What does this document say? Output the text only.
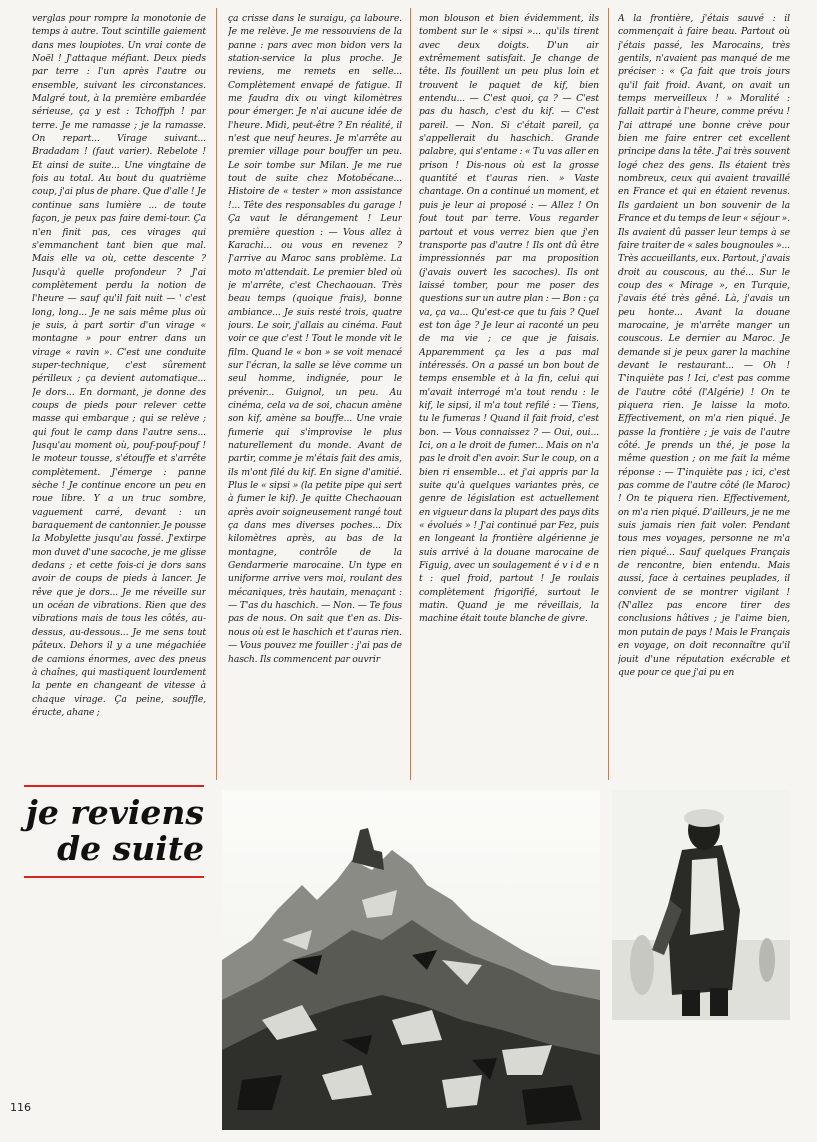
verglas pour rompre la monotonie de temps à autre. Tout scintille gaiement dans mes loupiotes. Un vrai conte de Noël ! J'attaque méfiant. Deux pieds par terre : l'un après l'autre ou ensemble, suivant les circonstances. Malgré tout, à la première embardée sérieuse, ça y est : Tchoffph ! par terre. Je me ramasse ; je la ramasse. On repart... Virage suivant... Bradadam ! (faut varier). Rebelote ! Et ainsi de suite... Une vingtaine de fois au total. Au bout du quatrième coup, j'ai plus de phare. Que d'alle ! Je continue sans lumière ... de toute façon, je peux pas faire demi-tour. Ça n'en finit pas, ces virages qui s'emmanchent tant bien que mal. Mais elle va où, cette descente ? Jusqu'à quelle profondeur ? J'ai complètement perdu la notion de l'heure — sauf qu'il fait nuit — ' c'est long, long... Je ne sais même plus où je suis, à part sortir d'un virage « montagne » pour entrer dans un virage « ravin ». C'est une conduite super-technique, c'est sûrement périlleux ; ça devient automatique... Je dors... En dormant, je donne des coups de pieds pour relever cette masse qui embarque ; qui se relève ; qui fout le camp dans l'autre sens... Jusqu'au moment où, pouf-pouf-pouf ! le moteur tousse, s'étouffe et s'arrête complètement. J'émerge : panne sèche ! Je continue encore un peu en roue libre. Y a un truc sombre, vaguement carré, devant : un baraquement de cantonnier. Je pousse la Mobylette jusqu'au fossé. J'extirpe mon duvet d'une sacoche, je me glisse dedans ; et cette fois-ci je dors sans avoir de coups de pieds à lancer. Je rêve que je dors... Je me réveille sur un océan de vibrations. Rien que des vibrations mais de tous les côtés, au-dessus, au-dessous... Je me sens tout pâteux. Dehors il y a une mégachiée de camions énormes, avec des pneus à chaînes, qui mastiquent lourdement la pente en changeant de vitesse à chaque virage. Ça peine, souffle, éructe, ahane ;
ça crisse dans le suraigu, ça laboure. Je me relève. Je me ressouviens de la panne : pars avec mon bidon vers la station-service la plus proche. Je reviens, me remets en selle... Complètement envapé de fatigue. Il me faudra dix ou vingt kilomètres pour émerger. Je n'ai aucune idée de l'heure. Midi, peut-être ? En réalité, il n'est que neuf heures. Je m'arrête au premier village pour bouffer un peu. Le soir tombe sur Milan. Je me rue tout de suite chez Motobécane... Histoire de « tester » mon assistance !... Tête des responsables du garage ! Ça vaut le dérangement ! Leur première question : — Vous allez à Karachi... ou vous en revenez ? J'arrive au Maroc sans problème. La moto m'attendait. Le premier bled où je m'arrête, c'est Chechaouan. Très beau temps (quoique frais), bonne ambiance... Je suis resté trois, quatre jours. Le soir, j'allais au cinéma. Faut voir ce que c'est ! Tout le monde vit le film. Quand le « bon » se voit menacé sur l'écran, la salle se lève comme un seul homme, indignée, pour le prévenir... Guignol, un peu. Au cinéma, cela va de soi, chacun amène son kif, amène sa bouffe... Une vraie fumerie qui s'improvise le plus naturellement du monde. Avant de partir, comme je m'étais fait des amis, ils m'ont filé du kif. En signe d'amitié. Plus le « sipsi » (la petite pipe qui sert à fumer le kif). Je quitte Chechaouan après avoir soigneusement rangé tout ça dans mes diverses poches... Dix kilomètres après, au bas de la montagne, contrôle de la Gendarmerie marocaine. Un type en uniforme arrive vers moi, roulant des mécaniques, très hautain, menaçant : — T'as du haschich. — Non. — Te fous pas de nous. On sait que t'en as. Dis-nous où est le haschich et t'auras rien. — Vous pouvez me fouiller : j'ai pas de hasch. Ils commencent par ouvrir
mon blouson et bien évidemment, ils tombent sur le « sipsi »... qu'ils tirent avec deux doigts. D'un air extrêmement satisfait. Je change de tête. Ils fouillent un peu plus loin et trouvent le paquet de kif, bien entendu... — C'est quoi, ça ? — C'est pas du hasch, c'est du kif. — C'est pareil. — Non. Si c'était pareil, ça s'appellerait du haschich. Grande palabre, qui s'entame : « Tu vas aller en prison ! Dis-nous où est la grosse quantité et t'auras rien. » Vaste chantage. On a continué un moment, et puis je leur ai proposé : — Allez ! On fout tout par terre. Vous regarder partout et vous verrez bien que j'en transporte pas d'autre ! Ils ont dû être impressionnés par ma proposition (j'avais ouvert les sacoches). Ils ont laissé tomber, pour me poser des questions sur un autre plan : — Bon : ça va, ça va... Qu'est-ce que tu fais ? Quel est ton âge ? Je leur ai raconté un peu de ma vie ; ce que je faisais. Apparemment ça les a pas mal intéressés. On a passé un bon bout de temps ensemble et à la fin, celui qui m'avait interrogé m'a tout rendu : le kif, le sipsi, il m'a tout refilé : — Tiens, tu le fumeras ! Quand il fait froid, c'est bon. — Vous connaissez ? — Oui, oui... Ici, on a le droit de fumer... Mais on n'a pas le droit d'en avoir. Sur le coup, on a bien ri ensemble... et j'ai appris par la suite qu'à quelques variantes près, ce genre de législation est actuellement en vigueur dans la plupart des pays dits « évolués » ! J'ai continué par Fez, puis en longeant la frontière algérienne je suis arrivé à la douane marocaine de Figuig, avec un soulagement é v i d e n t : quel froid, partout ! Je roulais complètement frigorifié, surtout le matin. Quand je me réveillais, la machine était toute blanche de givre.
A la frontière, j'étais sauvé : il commençait à faire beau. Partout où j'étais passé, les Marocains, très gentils, n'avaient pas manqué de me préciser : « Ça fait que trois jours qu'il fait froid. Avant, on avait un temps merveilleux ! » Moralité : fallait partir à l'heure, comme prévu ! J'ai attrapé une bonne crève pour bien me faire entrer cet excellent principe dans la tête. J'ai très souvent logé chez des gens. Ils étaient très nombreux, ceux qui avaient travaillé en France et qui en étaient revenus. Ils gardaient un bon souvenir de la France et du temps de leur « séjour ». Ils avaient dû passer leur temps à se faire traiter de « sales bougnoules »... Très accueillants, eux. Partout, j'avais droit au couscous, au thé... Sur le coup des « Mirage », en Turquie, j'avais été très gêné. Là, j'avais un peu honte... Avant la douane marocaine, je m'arrête manger un couscous. Le dernier au Maroc. Je demande si je peux garer la machine devant le restaurant... — Oh ! T'inquiète pas ! Ici, c'est pas comme de l'autre côté (l'Algérie) ! On te piquera rien. Je laisse la moto. Effectivement, on m'a rien piqué. Je passe la frontière ; je vais de l'autre côté. Je prends un thé, je pose la même question ; on me fait la même réponse : — T'inquiète pas ; ici, c'est pas comme de l'autre côté (le Maroc) ! On te piquera rien. Effectivement, on m'a rien piqué. D'ailleurs, je ne me suis jamais rien fait voler. Pendant tous mes voyages, personne ne m'a rien piqué... Sauf quelques Français de rencontre, bien entendu. Mais aussi, face à certaines peuplades, il convient de se montrer vigilant ! (N'allez pas encore tirer des conclusions hâtives ; je l'aime bien, mon putain de pays ! Mais le Français en voyage, on doit reconnaître qu'il jouit d'une réputation exécrable et que pour ce que j'ai pu en
je reviens
de suite
116
